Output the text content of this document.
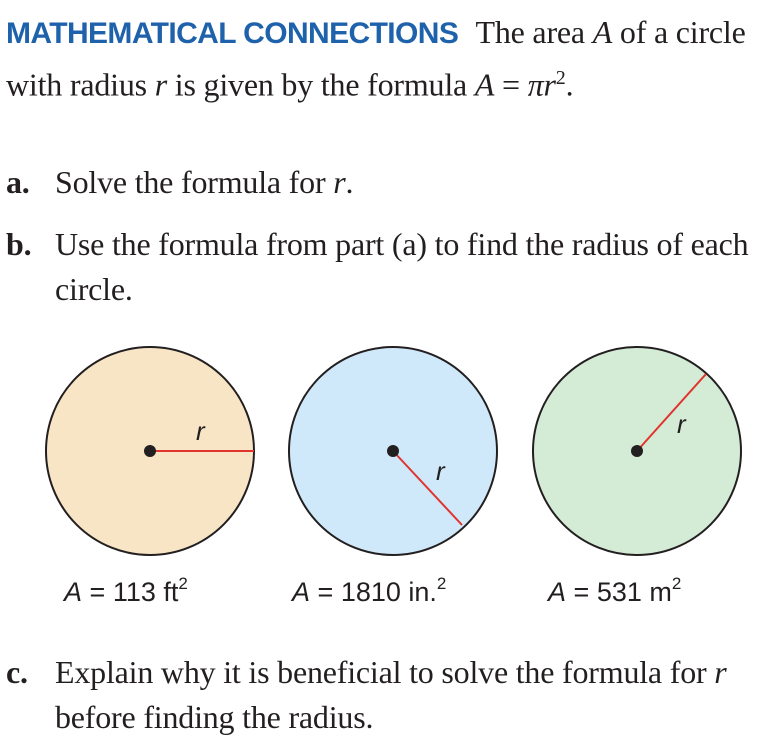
MATHEMATICAL CONNECTIONS The area A of a circle with radius r is given by the formula $A = \pi r^2$.
a. Solve the formula for r.
b. Use the formula from part (a) to find the radius of each circle.
r
r
r
A = 113 $ft^2$	A = 1810 in.$^2$	A = 531 $m^2$
c. Explain why it is beneficial to solve the formula for r before finding the radius.
